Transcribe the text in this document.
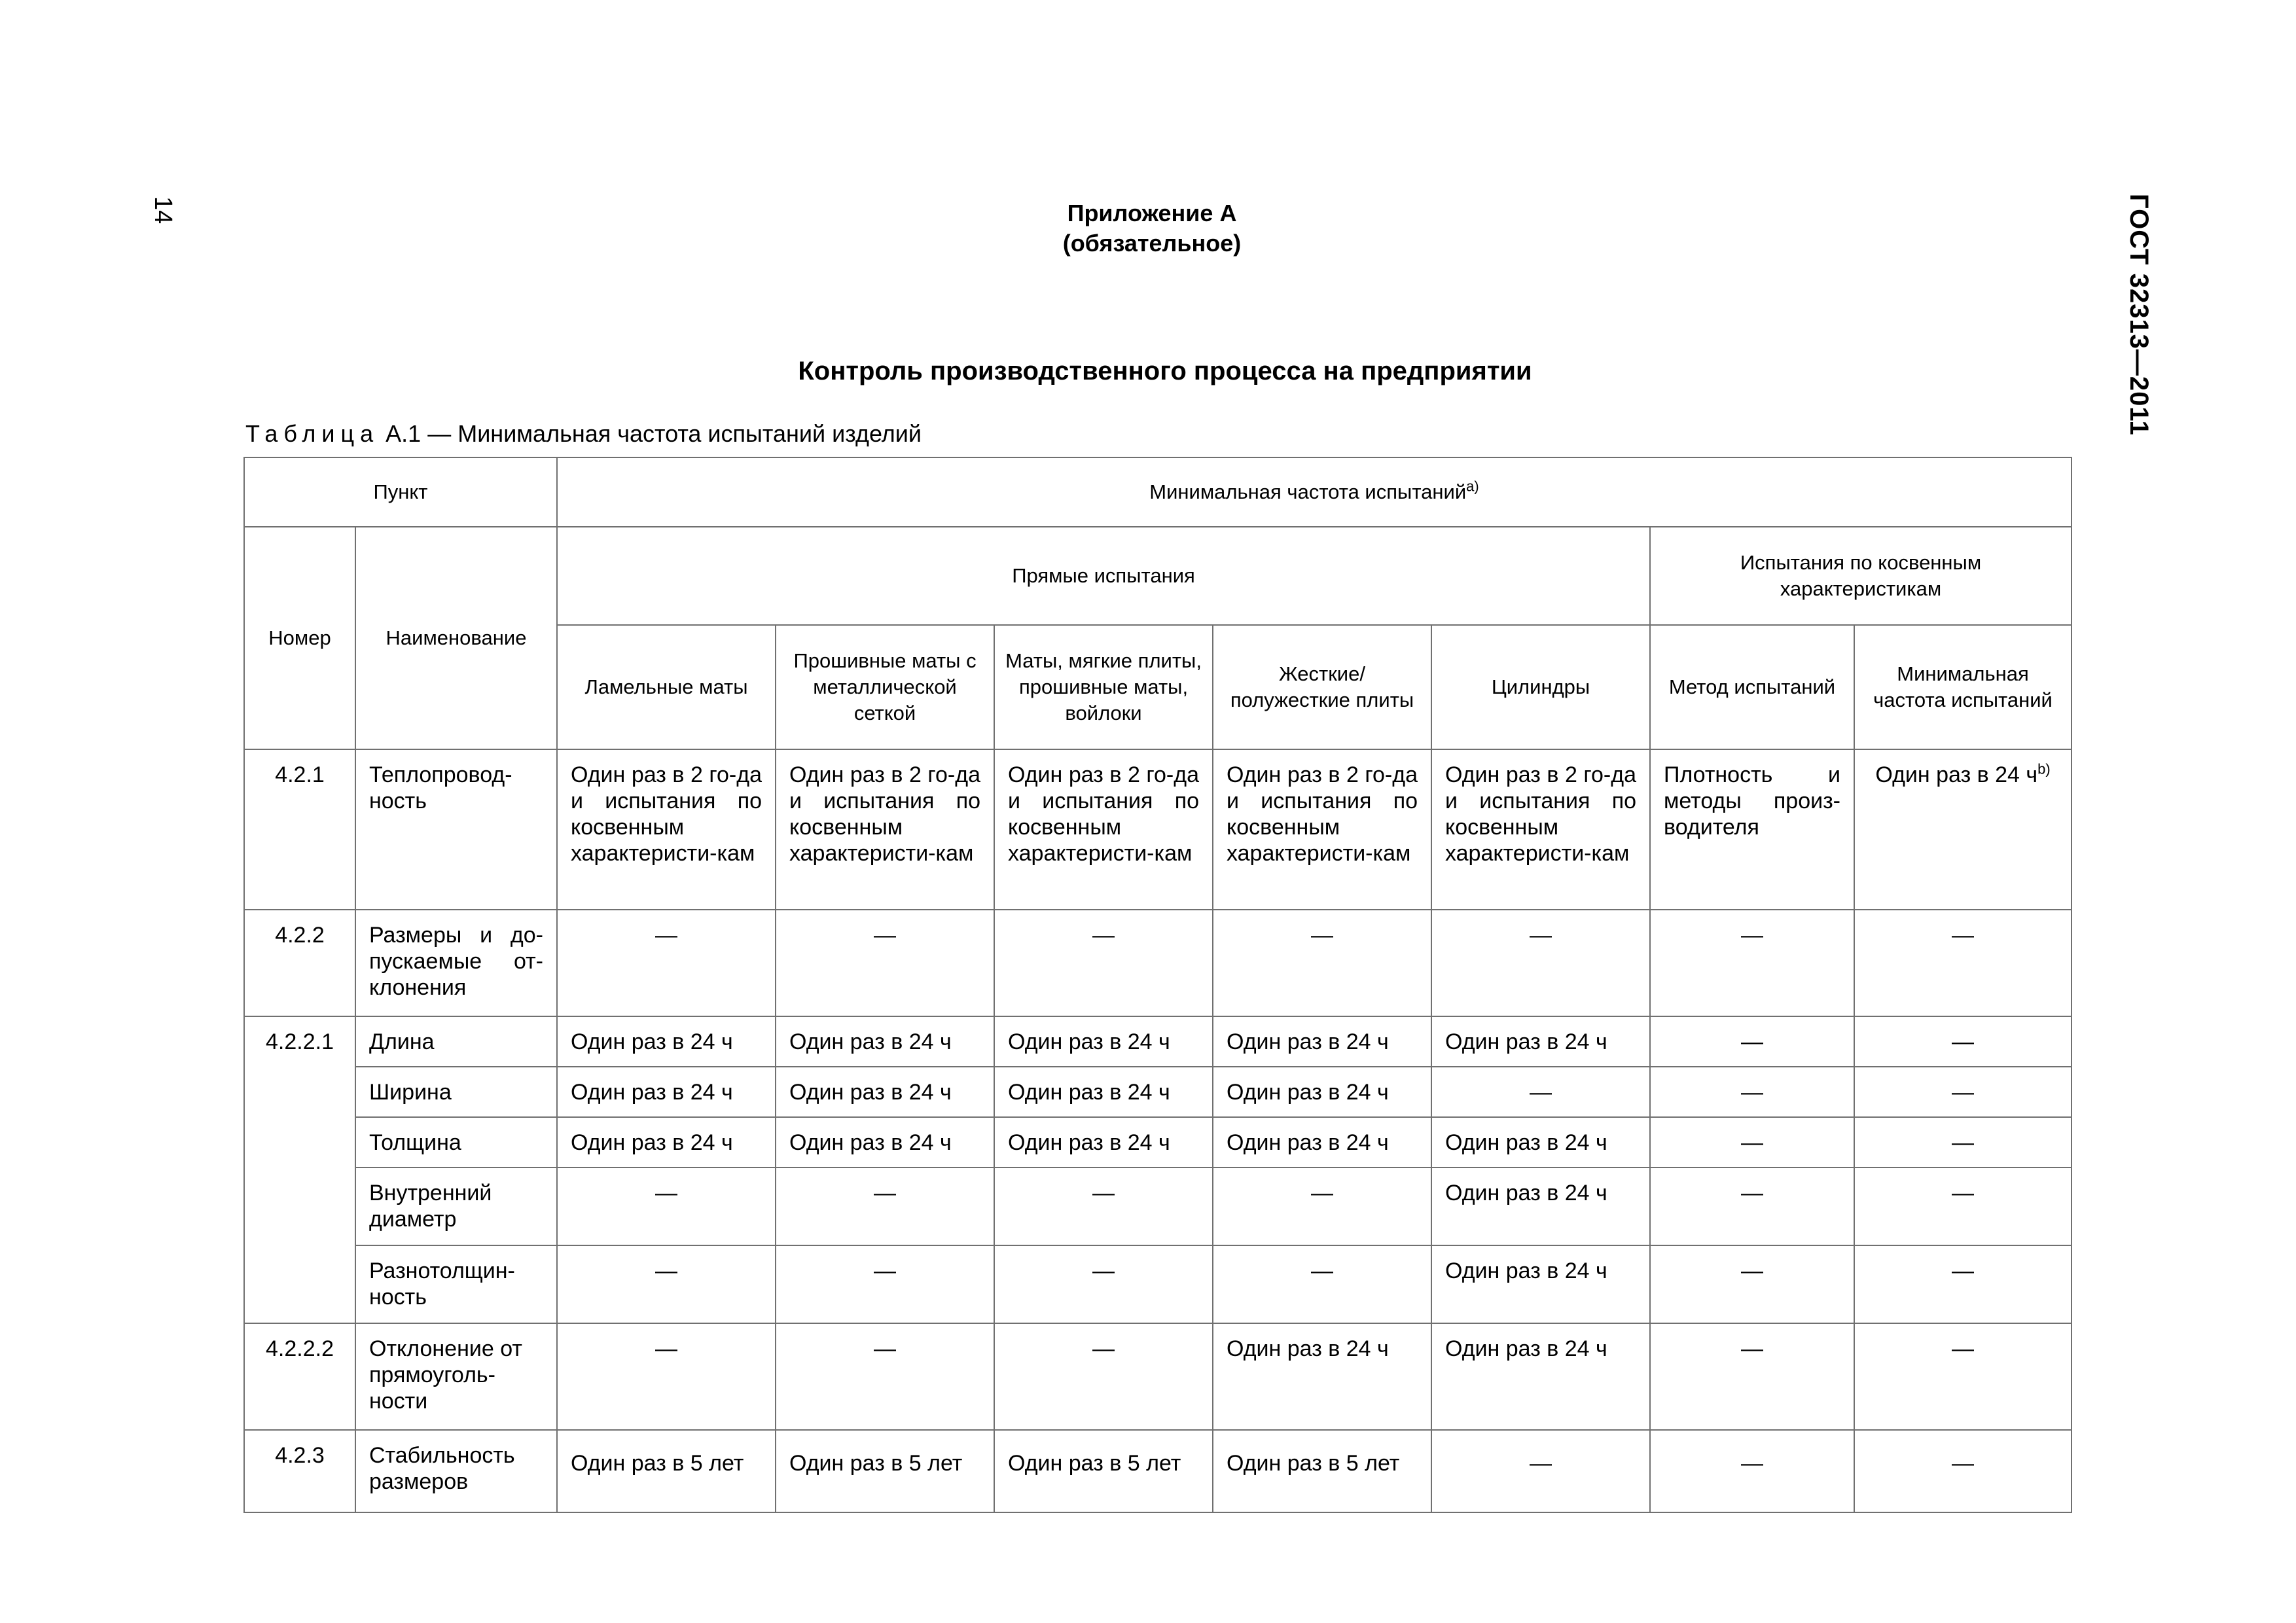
14	ГОСТ 32313—2011
Приложение А
(обязательное)
Контроль производственного процесса на предприятии
Таблица А.1 — Минимальная частота испытаний изделий
Пункт		Минимальная частота испытаний$^{а)}$
Номер	Наименование	Прямые испытания					Испытания по косвенным характеристикам	
		Ламельные маты	Прошивные маты с металлической сеткой	Маты, мягкие плиты, прошивные маты, войлоки	Жесткие/ полужесткие плиты	Цилиндры	Метод испытаний	Минимальная частота испытаний
4.2.1	Теплопровод-ность	Один раз в 2 го-да и испытания по косвенным характеристи-кам	Один раз в 2 го-да и испытания по косвенным характеристи-кам	Один раз в 2 го-да и испытания по косвенным характеристи-кам	Один раз в 2 го-да и испытания по косвенным характеристи-кам	Один раз в 2 го-да и испытания по косвенным характеристи-кам	Плотность и методы произ-водителя	Один раз в 24 $ч^{b)}$
4.2.2	Размеры и до-пускаемые от-клонения	—	—	—	—	—	—	—
4.2.2.1	Длина	Один раз в 24 ч	Один раз в 24 ч	Один раз в 24 ч	Один раз в 24 ч	Один раз в 24 ч	—	—
	Ширина	Один раз в 24 ч	Один раз в 24 ч	Один раз в 24 ч	Один раз в 24 ч	—	—	—
	Толщина	Один раз в 24 ч	Один раз в 24 ч	Один раз в 24 ч	Один раз в 24 ч	Один раз в 24 ч	—	—
	Внутренний диаметр	—	—	—	—	Один раз в 24 ч	—	—
	Разнотолщин-ность	—	—	—	—	Один раз в 24 ч	—	—
4.2.2.2	Отклонение от прямоуголь-ности	—	—	—	Один раз в 24 ч	Один раз в 24 ч	—	—
4.2.3	Стабильность размеров	Один раз в 5 лет	Один раз в 5 лет	Один раз в 5 лет	Один раз в 5 лет	—	—	—
